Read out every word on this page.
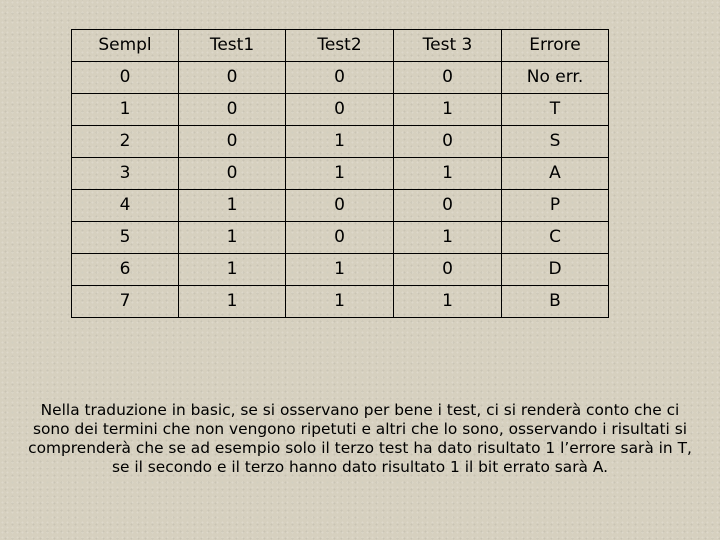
Sempl	Test1	Test2	Test 3	Errore
0	0	0	0	No err.
1	0	0	1	T
2	0	1	0	S
3	0	1	1	A
4	1	0	0	P
5	1	0	1	C
6	1	1	0	D
7	1	1	1	B

Nella traduzione in basic, se si osservano per bene i test, ci si renderà conto che ci sono dei termini che non vengono ripetuti e altri che lo sono, osservando i risultati si comprenderà che se ad esempio solo il terzo test ha dato risultato 1 l’errore sarà in T, se il secondo e il terzo hanno dato risultato 1 il bit errato sarà A.
